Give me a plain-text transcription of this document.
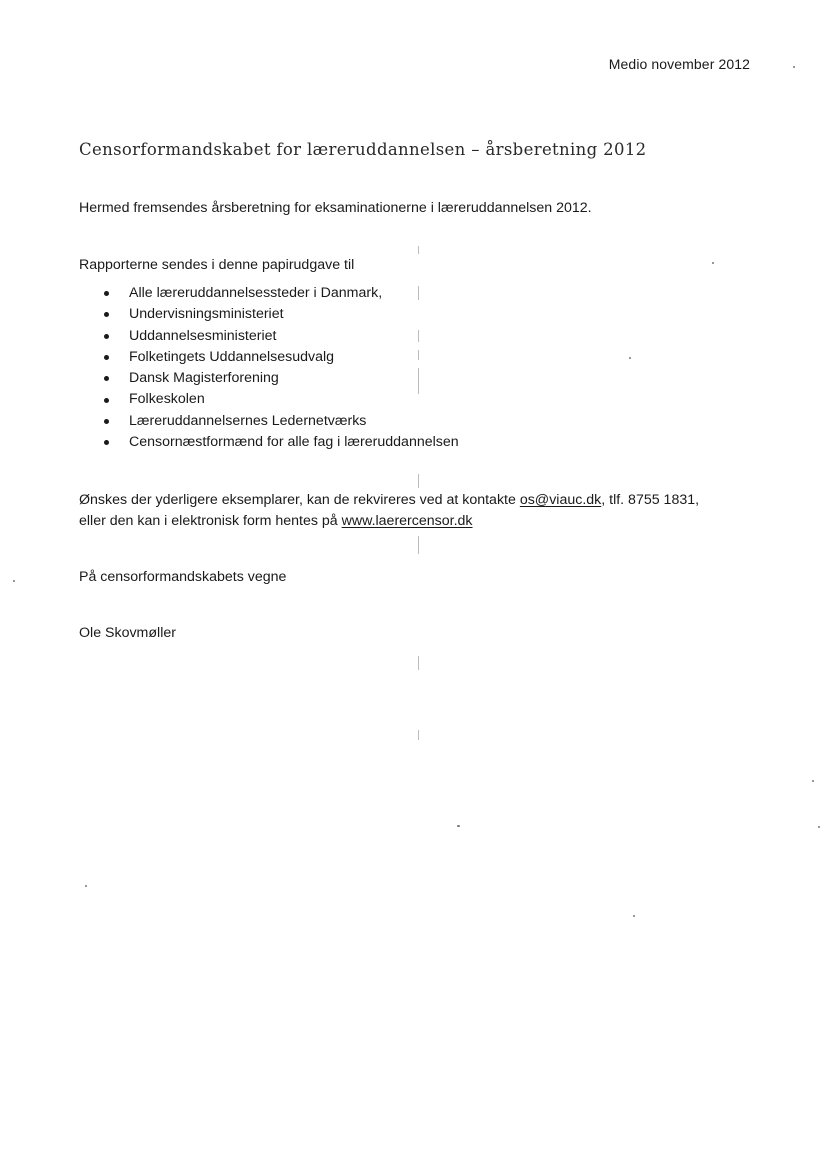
Medio november 2012
Censorformandskabet for læreruddannelsen – årsberetning 2012
Hermed fremsendes årsberetning for eksaminationerne i læreruddannelsen 2012.
Rapporterne sendes i denne papirudgave til
Alle læreruddannelsessteder i Danmark,
Undervisningsministeriet
Uddannelsesministeriet
Folketingets Uddannelsesudvalg
Dansk Magisterforening
Folkeskolen
Læreruddannelsernes Ledernetværks
Censornæstformænd for alle fag i læreruddannelsen
Ønskes der yderligere eksemplarer, kan de rekvireres ved at kontakte os@viauc.dk, tlf. 8755 1831,
eller den kan i elektronisk form hentes på www.laerercensor.dk
På censorformandskabets vegne
Ole Skovmøller
